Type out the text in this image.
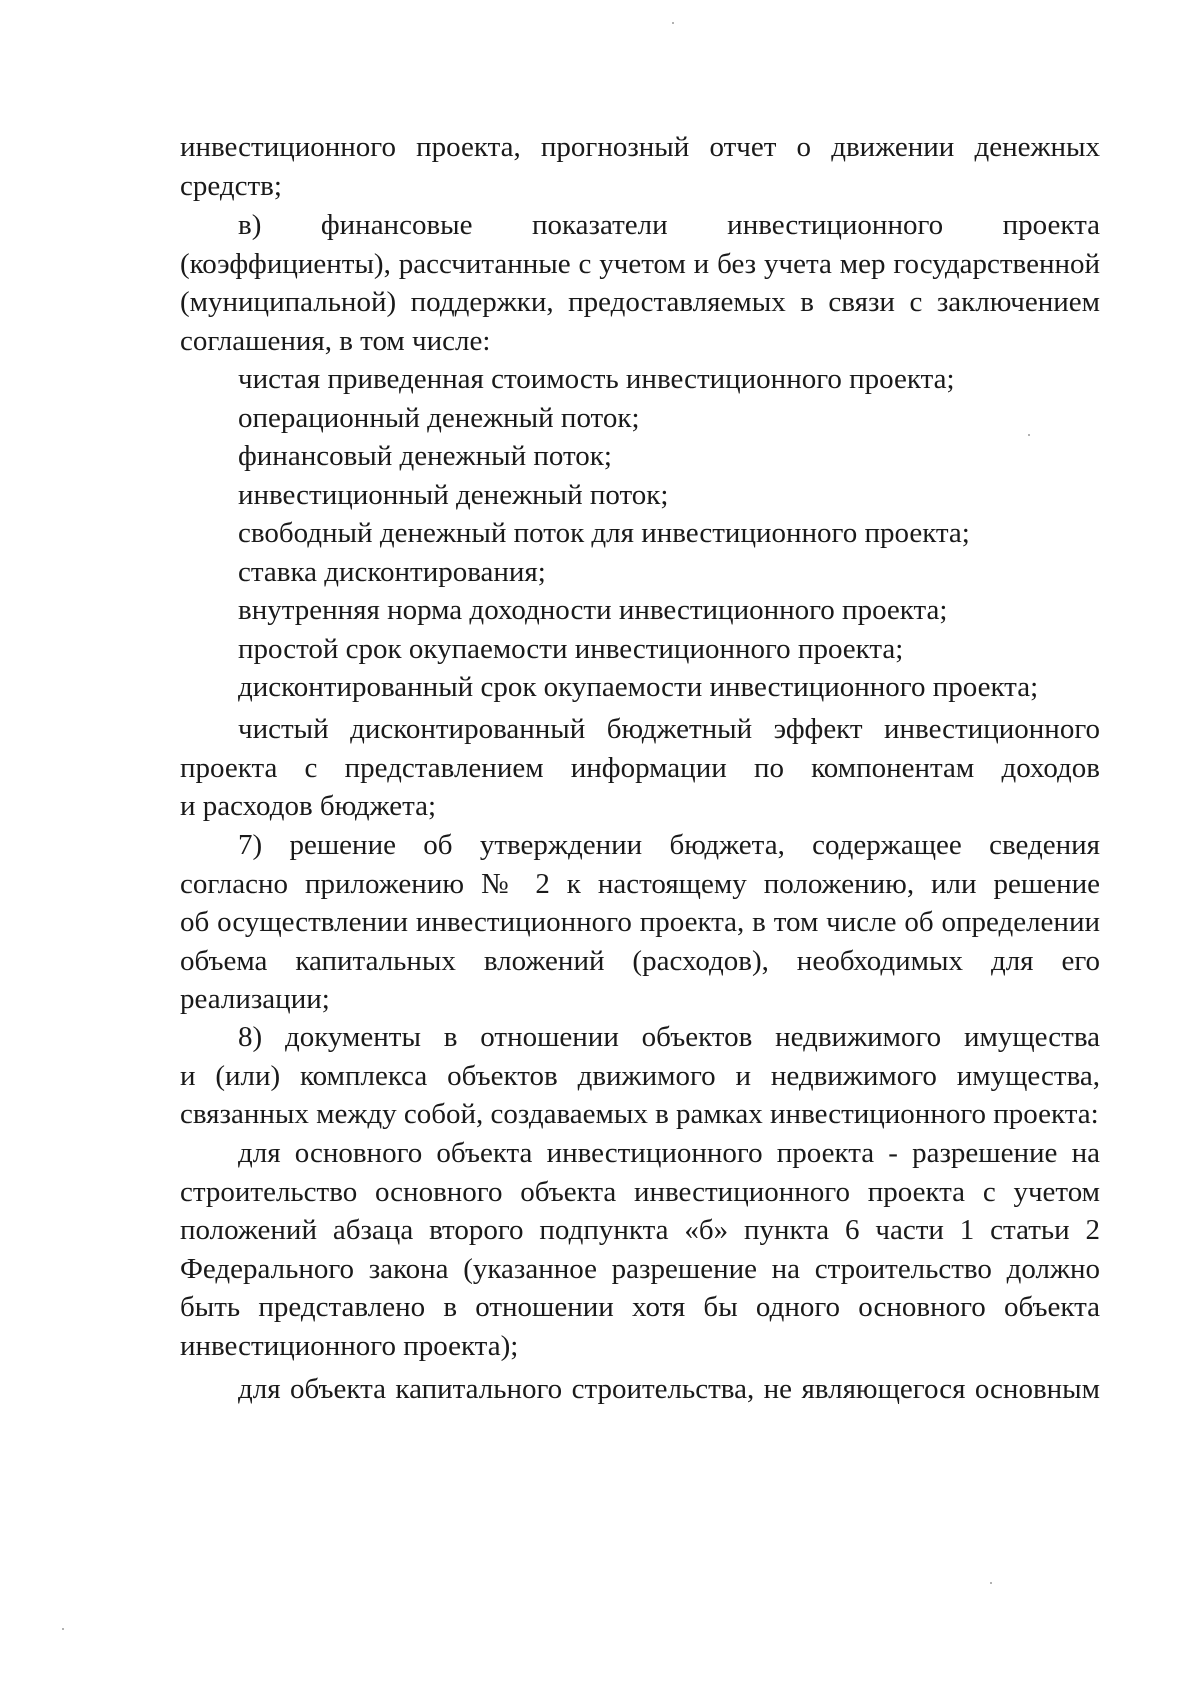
инвестиционного проекта, прогнозный отчет о движении денежных
средств;
в) финансовые показатели инвестиционного проекта
(коэффициенты), рассчитанные с учетом и без учета мер государственной
(муниципальной) поддержки, предоставляемых в связи с заключением
соглашения, в том числе:
чистая приведенная стоимость инвестиционного проекта;
операционный денежный поток;
финансовый денежный поток;
инвестиционный денежный поток;
свободный денежный поток для инвестиционного проекта;
ставка дисконтирования;
внутренняя норма доходности инвестиционного проекта;
простой срок окупаемости инвестиционного проекта;
дисконтированный срок окупаемости инвестиционного проекта;
чистый дисконтированный бюджетный эффект инвестиционного
проекта с представлением информации по компонентам доходов
и расходов бюджета;
7) решение об утверждении бюджета, содержащее сведения
согласно приложению № 2 к настоящему положению, или решение
об осуществлении инвестиционного проекта, в том числе об определении
объема капитальных вложений (расходов), необходимых для его
реализации;
8) документы в отношении объектов недвижимого имущества
и (или) комплекса объектов движимого и недвижимого имущества,
связанных между собой, создаваемых в рамках инвестиционного проекта:
для основного объекта инвестиционного проекта - разрешение на
строительство основного объекта инвестиционного проекта с учетом
положений абзаца второго подпункта «б» пункта 6 части 1 статьи 2
Федерального закона (указанное разрешение на строительство должно
быть представлено в отношении хотя бы одного основного объекта
инвестиционного проекта);
для объекта капитального строительства, не являющегося основным
